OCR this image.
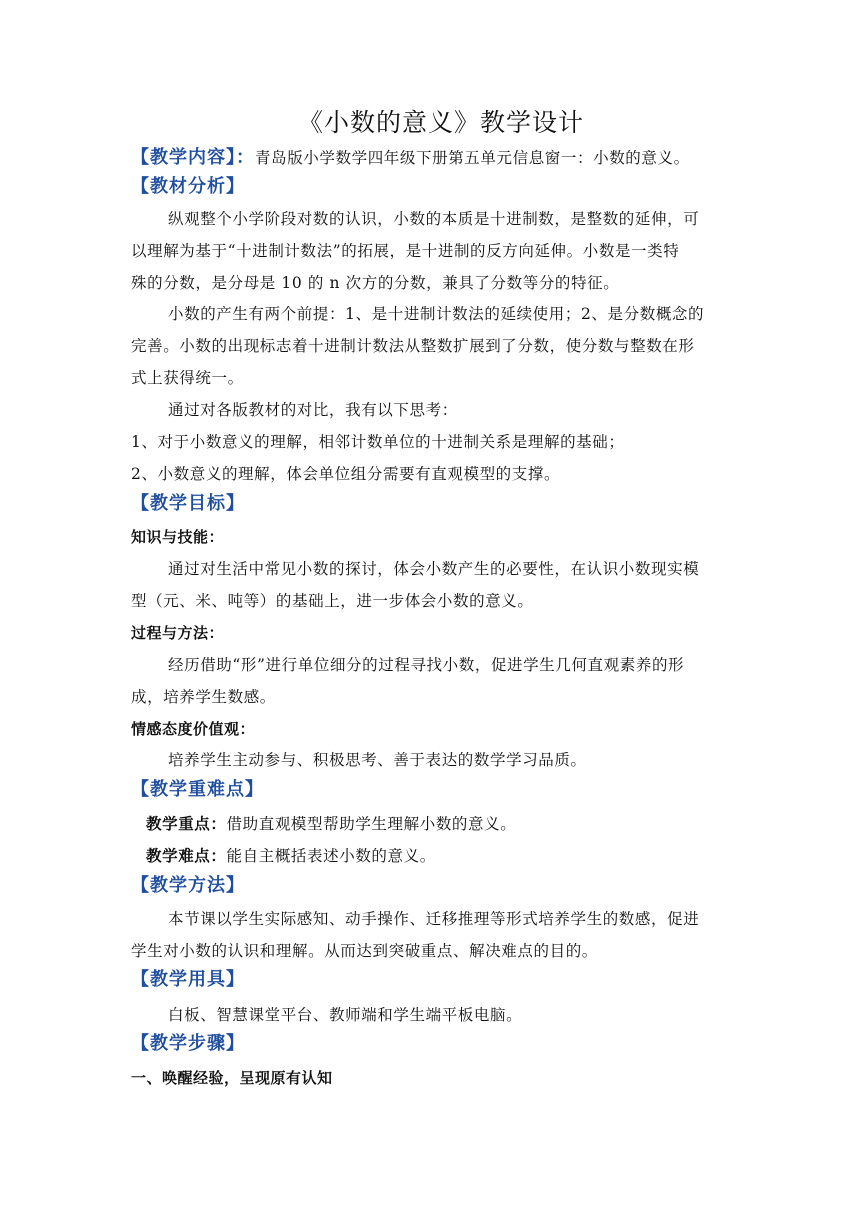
《小数的意义》教学设计
【教学内容】：青岛版小学数学四年级下册第五单元信息窗一：小数的意义。
【教材分析】
纵观整个小学阶段对数的认识，小数的本质是十进制数，是整数的延伸，可
以理解为基于“十进制计数法”的拓展，是十进制的反方向延伸。小数是一类特
殊的分数，是分母是 10 的 n 次方的分数，兼具了分数等分的特征。
小数的产生有两个前提：1、是十进制计数法的延续使用；2、是分数概念的
完善。小数的出现标志着十进制计数法从整数扩展到了分数，使分数与整数在形
式上获得统一。
通过对各版教材的对比，我有以下思考：
1、对于小数意义的理解，相邻计数单位的十进制关系是理解的基础；
2、小数意义的理解，体会单位组分需要有直观模型的支撑。
【教学目标】
知识与技能：
通过对生活中常见小数的探讨，体会小数产生的必要性，在认识小数现实模
型（元、米、吨等）的基础上，进一步体会小数的意义。
过程与方法：
经历借助“形”进行单位细分的过程寻找小数，促进学生几何直观素养的形
成，培养学生数感。
情感态度价值观：
培养学生主动参与、积极思考、善于表达的数学学习品质。
【教学重难点】
教学重点：借助直观模型帮助学生理解小数的意义。
教学难点：能自主概括表述小数的意义。
【教学方法】
本节课以学生实际感知、动手操作、迁移推理等形式培养学生的数感，促进
学生对小数的认识和理解。从而达到突破重点、解决难点的目的。
【教学用具】
白板、智慧课堂平台、教师端和学生端平板电脑。
【教学步骤】
一、唤醒经验，呈现原有认知
